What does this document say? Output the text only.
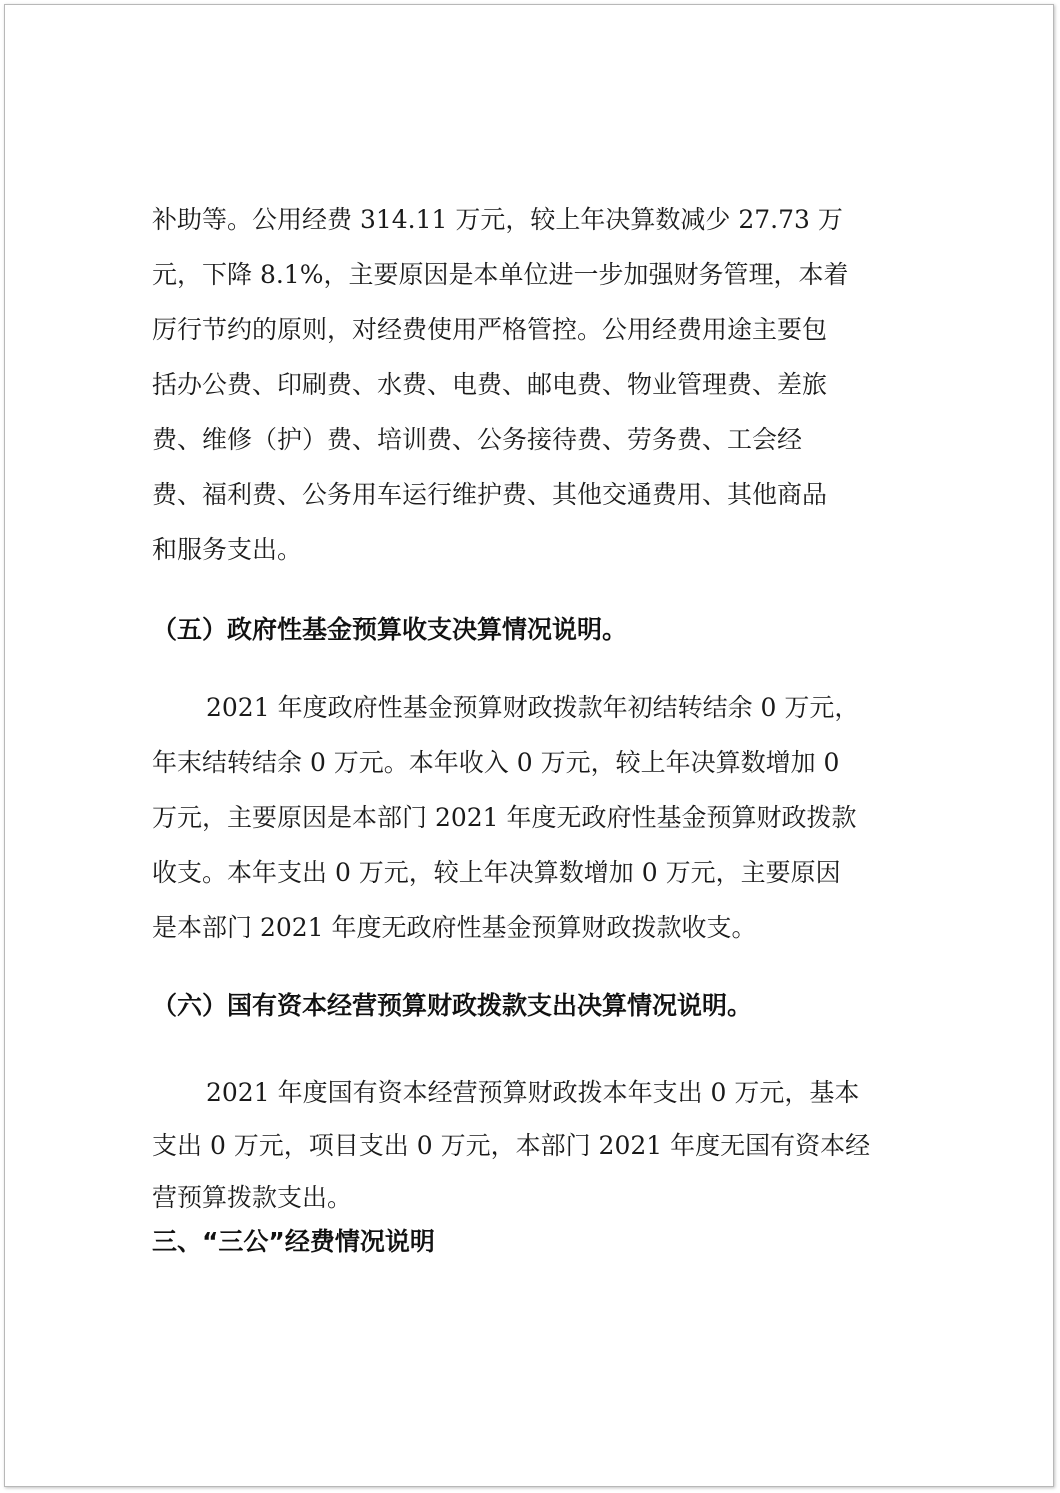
补助等。公用经费 314.11 万元，较上年决算数减少 27.73 万
元，下降 8.1%，主要原因是本单位进一步加强财务管理，本着
厉行节约的原则，对经费使用严格管控。公用经费用途主要包
括办公费、印刷费、水费、电费、邮电费、物业管理费、差旅
费、维修（护）费、培训费、公务接待费、劳务费、工会经
费、福利费、公务用车运行维护费、其他交通费用、其他商品
和服务支出。
（五）政府性基金预算收支决算情况说明。
2021 年度政府性基金预算财政拨款年初结转结余 0 万元，
年末结转结余 0 万元。本年收入 0 万元，较上年决算数增加 0
万元，主要原因是本部门 2021 年度无政府性基金预算财政拨款
收支。本年支出 0 万元，较上年决算数增加 0 万元，主要原因
是本部门 2021 年度无政府性基金预算财政拨款收支。
（六）国有资本经营预算财政拨款支出决算情况说明。
2021 年度国有资本经营预算财政拨本年支出 0 万元，基本
支出 0 万元，项目支出 0 万元，本部门 2021 年度无国有资本经
营预算拨款支出。
三、“三公”经费情况说明
